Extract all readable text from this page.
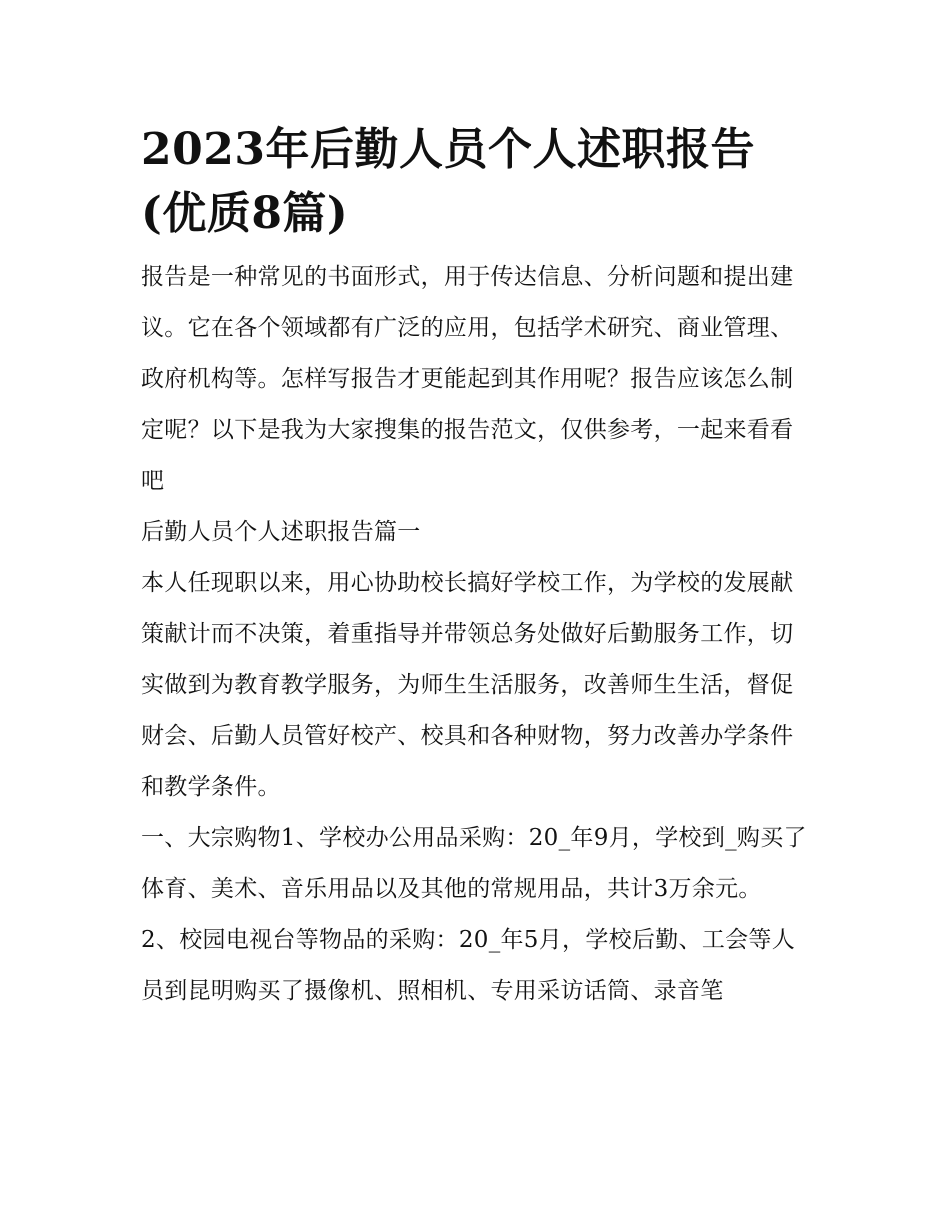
2023年后勤人员个人述职报告(优质8篇)

报告是一种常见的书面形式，用于传达信息、分析问题和提出建议。它在各个领域都有广泛的应用，包括学术研究、商业管理、政府机构等。怎样写报告才更能起到其作用呢？报告应该怎么制定呢？以下是我为大家搜集的报告范文，仅供参考，一起来看看吧

后勤人员个人述职报告篇一

本人任现职以来，用心协助校长搞好学校工作，为学校的发展献策献计而不决策，着重指导并带领总务处做好后勤服务工作，切实做到为教育教学服务，为师生生活服务，改善师生生活，督促财会、后勤人员管好校产、校具和各种财物，努力改善办学条件和教学条件。

一、大宗购物1、学校办公用品采购：20_年9月，学校到_购买了体育、美术、音乐用品以及其他的常规用品，共计3万余元。

2、校园电视台等物品的采购：20_年5月，学校后勤、工会等人员到昆明购买了摄像机、照相机、专用采访话筒、录音笔
